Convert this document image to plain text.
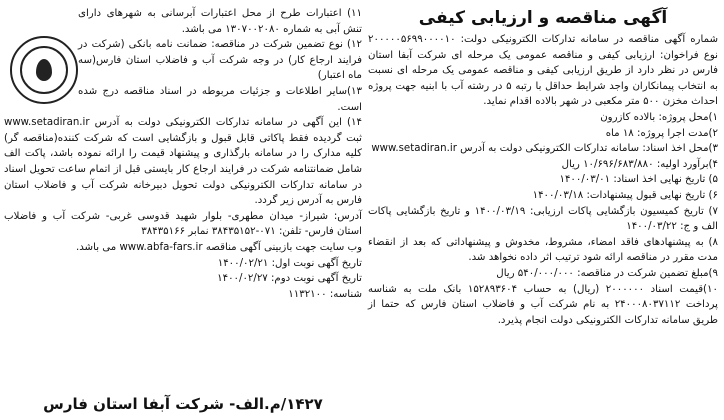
آگهی مناقصه و ارزیابی کیفی

شماره آگهی مناقصه در سامانه تدارکات الکترونیکی دولت: ۲۰۰۰۰۰۵۶۹۹۰۰۰۰۱۰ نوع فراخوان: ارزیابی کیفی و مناقصه عمومی یک مرحله ای شرکت آبفا استان فارس در نظر دارد از طریق ارزیابی کیفی و مناقصه عمومی یک مرحله ای نسبت به انتخاب پیمانکاران واجد شرایط حداقل با رتبه ۵ در رشته آب با ابنیه جهت پروژه احداث مخزن ۵۰۰ متر مکعبی در شهر بالاده اقدام نماید.

۱)محل پروژه: بالاده کازرون

۲)مدت اجرا پروژه: ۱۸ ماه

۳)محل اخذ اسناد: سامانه تدارکات الکترونیکی دولت به آدرس www.setadiran.ir

۴)برآورد اولیه: ۱۰/۶۹۶/۶۸۳/۸۸۰ ریال

۵) تاریخ نهایی اخذ اسناد: ۱۴۰۰/۰۳/۰۱

۶) تاریخ نهایی قبول پیشنهادات: ۱۴۰۰/۰۳/۱۸

۷) تاریخ کمیسیون بازگشایی پاکات ارزیابی: ۱۴۰۰/۰۳/۱۹ و تاریخ بازگشایی پاکات الف و ج: ۱۴۰۰/۰۳/۲۲

۸) به پیشنهادهای فاقد امضاء، مشروط، مخدوش و پیشنهاداتی که بعد از انقضاء مدت مقرر در مناقصه ارائه شود ترتیب اثر داده نخواهد شد.

۹)مبلغ تضمین شرکت در مناقصه: ۵۴۰/۰۰۰/۰۰۰ ریال

۱۰)قیمت اسناد ۲۰۰۰۰۰۰ (ریال) به حساب ۱۵۲۸۹۳۶۰۴ بانک ملت به شناسه پرداخت ۲۴۰۰۰۸۰۳۷۱۱۲ به نام شرکت آب و فاضلاب استان فارس که حتما از طریق سامانه تدارکات الکترونیکی دولت انجام پذیرد.

۱۱) اعتبارات طرح از محل اعتبارات آبرسانی به شهرهای دارای تنش آبی به شماره ۱۳۰۷۰۰۲۰۸۰ می باشد.

۱۲) نوع تضمین شرکت در مناقصه: ضمانت نامه بانکی (شرکت در فرایند ارجاع کار) در وجه شرکت آب و فاضلاب استان فارس(سه ماه اعتبار)

۱۳)سایر اطلاعات و جزئیات مربوطه در اسناد مناقصه درج شده است.

۱۴) این آگهی در سامانه تدارکات الکترونیکی دولت به آدرس www.setadiran.ir ثبت گردیده فقط پاکاتی قابل قبول و بازگشایی است که شرکت کننده(مناقصه گر) کلیه مدارک را در سامانه بارگذاری و پیشنهاد قیمت را ارائه نموده باشد، پاکت الف شامل ضمانتنامه شرکت در فرایند ارجاع کار بایستی قبل از اتمام ساعت تحویل اسناد در سامانه تدارکات الکترونیکی دولت تحویل دبیرخانه شرکت آب و فاضلاب استان فارس به آدرس زیر گردد.

آدرس: شیراز- میدان مطهری- بلوار شهید قدوسی غربی- شرکت آب و فاضلاب استان فارس- تلفن: ۰۷۱-۳۸۴۳۵۱۵۲ نمابر ۳۸۴۳۵۱۶۶

وب سایت جهت بازبینی آگهی مناقصه www.abfa-fars.ir می باشد.

تاریخ آگهی نوبت اول: ۱۴۰۰/۰۲/۲۱

تاریخ آگهی نوبت دوم: ۱۴۰۰/۰۲/۲۷

شناسه: ۱۱۳۲۱۰۰

۱۴۲۷/م.الف- شرکت آبفا استان فارس
